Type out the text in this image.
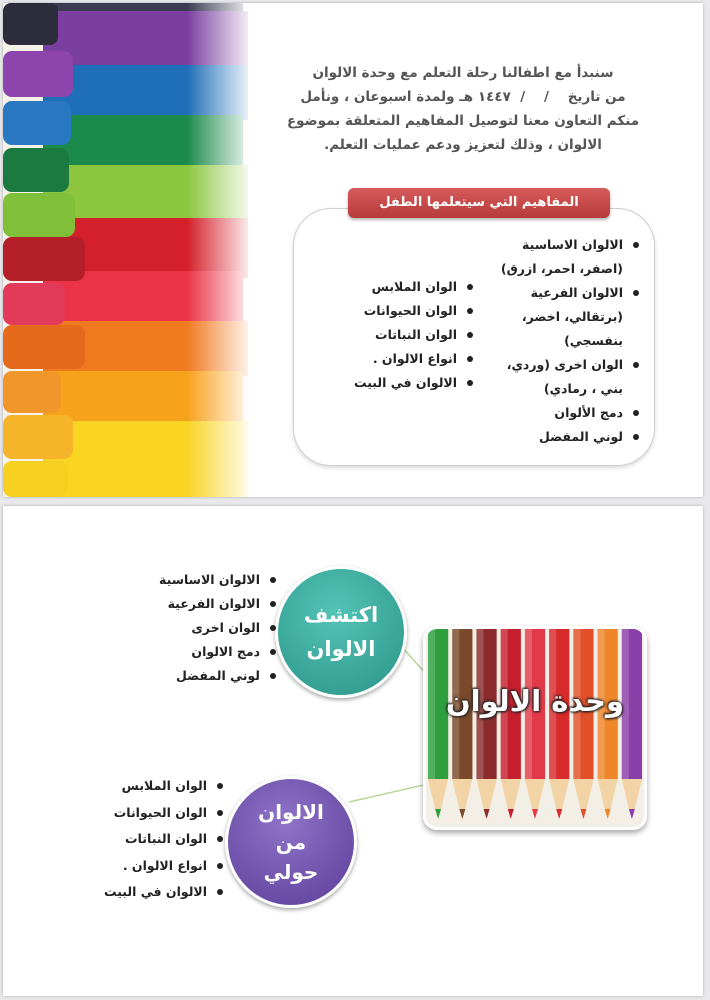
سنبدأ مع اطفالنا رحلة التعلم مع وحدة الالوان
من تاريخ    /    /  ١٤٤٧ هـ ولمدة اسبوعان ، ونأمل
منكم التعاون معنا لتوصيل المفاهيم المتعلقة بموضوع
الالوان ، وذلك لتعزيز ودعم عمليات التعلم.
المفاهيم التي سيتعلمها الطفل
الالوان الاساسية (اصفر، احمر، ازرق)
الالوان الفرعية (برتقالي، اخضر، بنفسجي)
الوان اخرى (وردي، بني ، رمادي)
دمج الألوان
لوني المفضل
الوان الملابس
الوان الحيوانات
الوان النباتات
انواع الالوان .
الالوان في البيت
وحدة الالوان
اكتشف الالوان
الالوان من حولي
الالوان الاساسية
الالوان الفرعية
الوان اخرى
دمج الالوان
لوني المفضل
الوان الملابس
الوان الحيوانات
الوان النباتات
انواع الالوان .
الالوان في البيت
